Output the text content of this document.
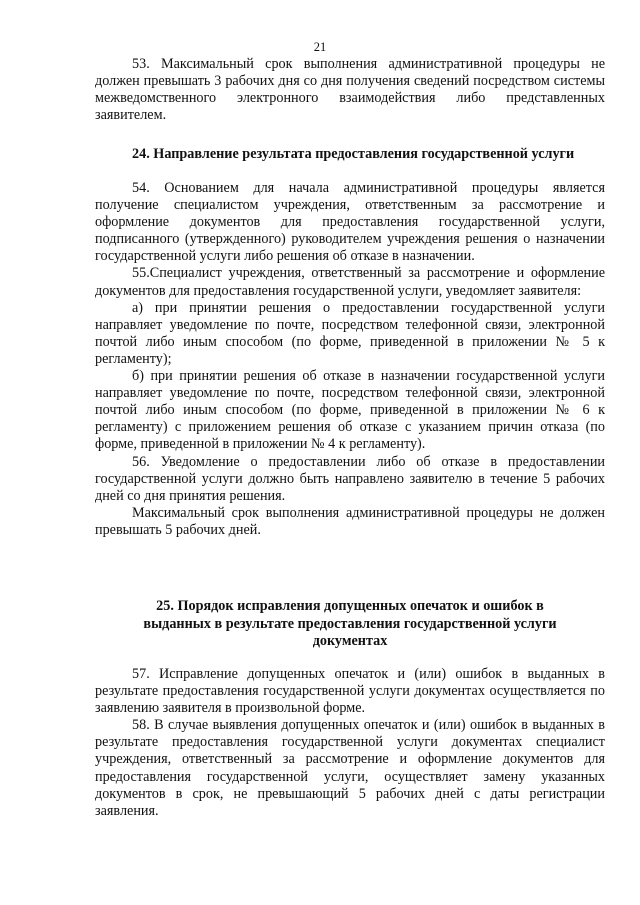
21

53. Максимальный срок выполнения административной процедуры не должен превышать 3 рабочих дня со дня получения сведений посредством системы межведомственного электронного взаимодействия либо представленных заявителем.

24. Направление результата предоставления государственной услуги

54. Основанием для начала административной процедуры является получение специалистом учреждения, ответственным за рассмотрение и оформление документов для предоставления государственной услуги, подписанного (утвержденного) руководителем учреждения решения о назначении государственной услуги либо решения об отказе в назначении.

55.Специалист учреждения, ответственный за рассмотрение и оформление документов для предоставления государственной услуги, уведомляет заявителя:

а) при принятии решения о предоставлении государственной услуги направляет уведомление по почте, посредством телефонной связи, электронной почтой либо иным способом (по форме, приведенной в приложении № 5 к регламенту);

б) при принятии решения об отказе в назначении государственной услуги направляет уведомление по почте, посредством телефонной связи, электронной почтой либо иным способом (по форме, приведенной в приложении № 6 к регламенту) с приложением решения об отказе с указанием причин отказа (по форме, приведенной в приложении № 4 к регламенту).

56. Уведомление о предоставлении либо об отказе в предоставлении государственной услуги должно быть направлено заявителю в течение 5 рабочих дней со дня принятия решения.

Максимальный срок выполнения административной процедуры не должен превышать 5 рабочих дней.

25. Порядок исправления допущенных опечаток и ошибок в выданных в результате предоставления государственной услуги документах

57. Исправление допущенных опечаток и (или) ошибок в выданных в результате предоставления государственной услуги документах осуществляется по заявлению заявителя в произвольной форме.

58. В случае выявления допущенных опечаток и (или) ошибок в выданных в результате предоставления государственной услуги документах специалист учреждения, ответственный за рассмотрение и оформление документов для предоставления государственной услуги, осуществляет замену указанных документов в срок, не превышающий 5 рабочих дней с даты регистрации заявления.
